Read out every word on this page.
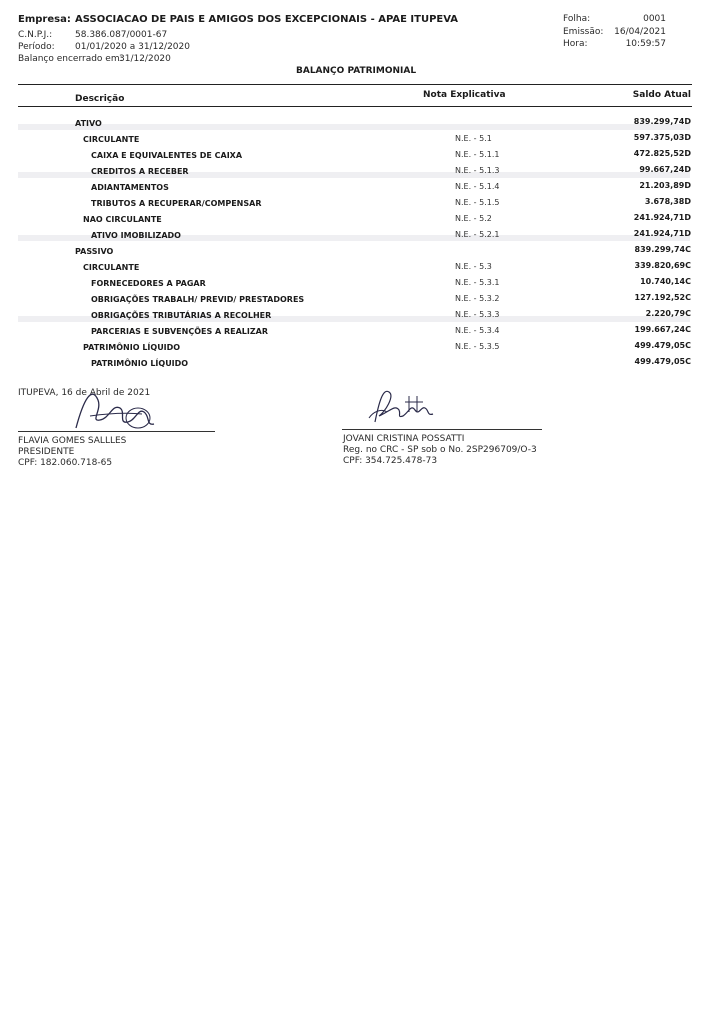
Empresa: ASSOCIACAO DE PAIS E AMIGOS DOS EXCEPCIONAIS - APAE ITUPEVA
C.N.P.J.:	58.386.087/0001-67
Período: 01/01/2020 a 31/12/2020
Balanço encerrado em:
31/12/2020
Folha:	0001
Emissão: 16/04/2021
Hora:	10:59:57
BALANÇO PATRIMONIAL
Descrição	Nota Explicativa	Saldo Atual
ATIVO	839.299,74D
CIRCULANTE	N.E. - 5.1	597.375,03D
CAIXA E EQUIVALENTES DE CAIXA	N.E. - 5.1.1	472.825,52D
CREDITOS A RECEBER	N.E. - 5.1.3	99.667,24D
ADIANTAMENTOS	N.E. - 5.1.4	21.203,89D
TRIBUTOS A RECUPERAR/COMPENSAR	N.E. - 5.1.5	3.678,38D
NAO CIRCULANTE	N.E. - 5.2	241.924,71D
ATIVO IMOBILIZADO	N.E. - 5.2.1	241.924,71D
PASSIVO	839.299,74C
CIRCULANTE	N.E. - 5.3	339.820,69C
FORNECEDORES A PAGAR	N.E. - 5.3.1	10.740,14C
OBRIGAÇÕES TRABALH/ PREVID/ PRESTADORES	N.E. - 5.3.2	127.192,52C
OBRIGAÇÕES TRIBUTÁRIAS A RECOLHER	N.E. - 5.3.3	2.220,79C
PARCERIAS E SUBVENÇÕES A REALIZAR	N.E. - 5.3.4	199.667,24C
PATRIMÔNIO LÍQUIDO	N.E. - 5.3.5	499.479,05C
PATRIMÔNIO LÍQUIDO	499.479,05C
ITUPEVA, 16 de Abril de 2021
FLAVIA GOMES SALLLES
PRESIDENTE
CPF: 182.060.718-65
JOVANI CRISTINA POSSATTI
Reg. no CRC - SP sob o No. 2SP296709/O-3
CPF: 354.725.478-73
